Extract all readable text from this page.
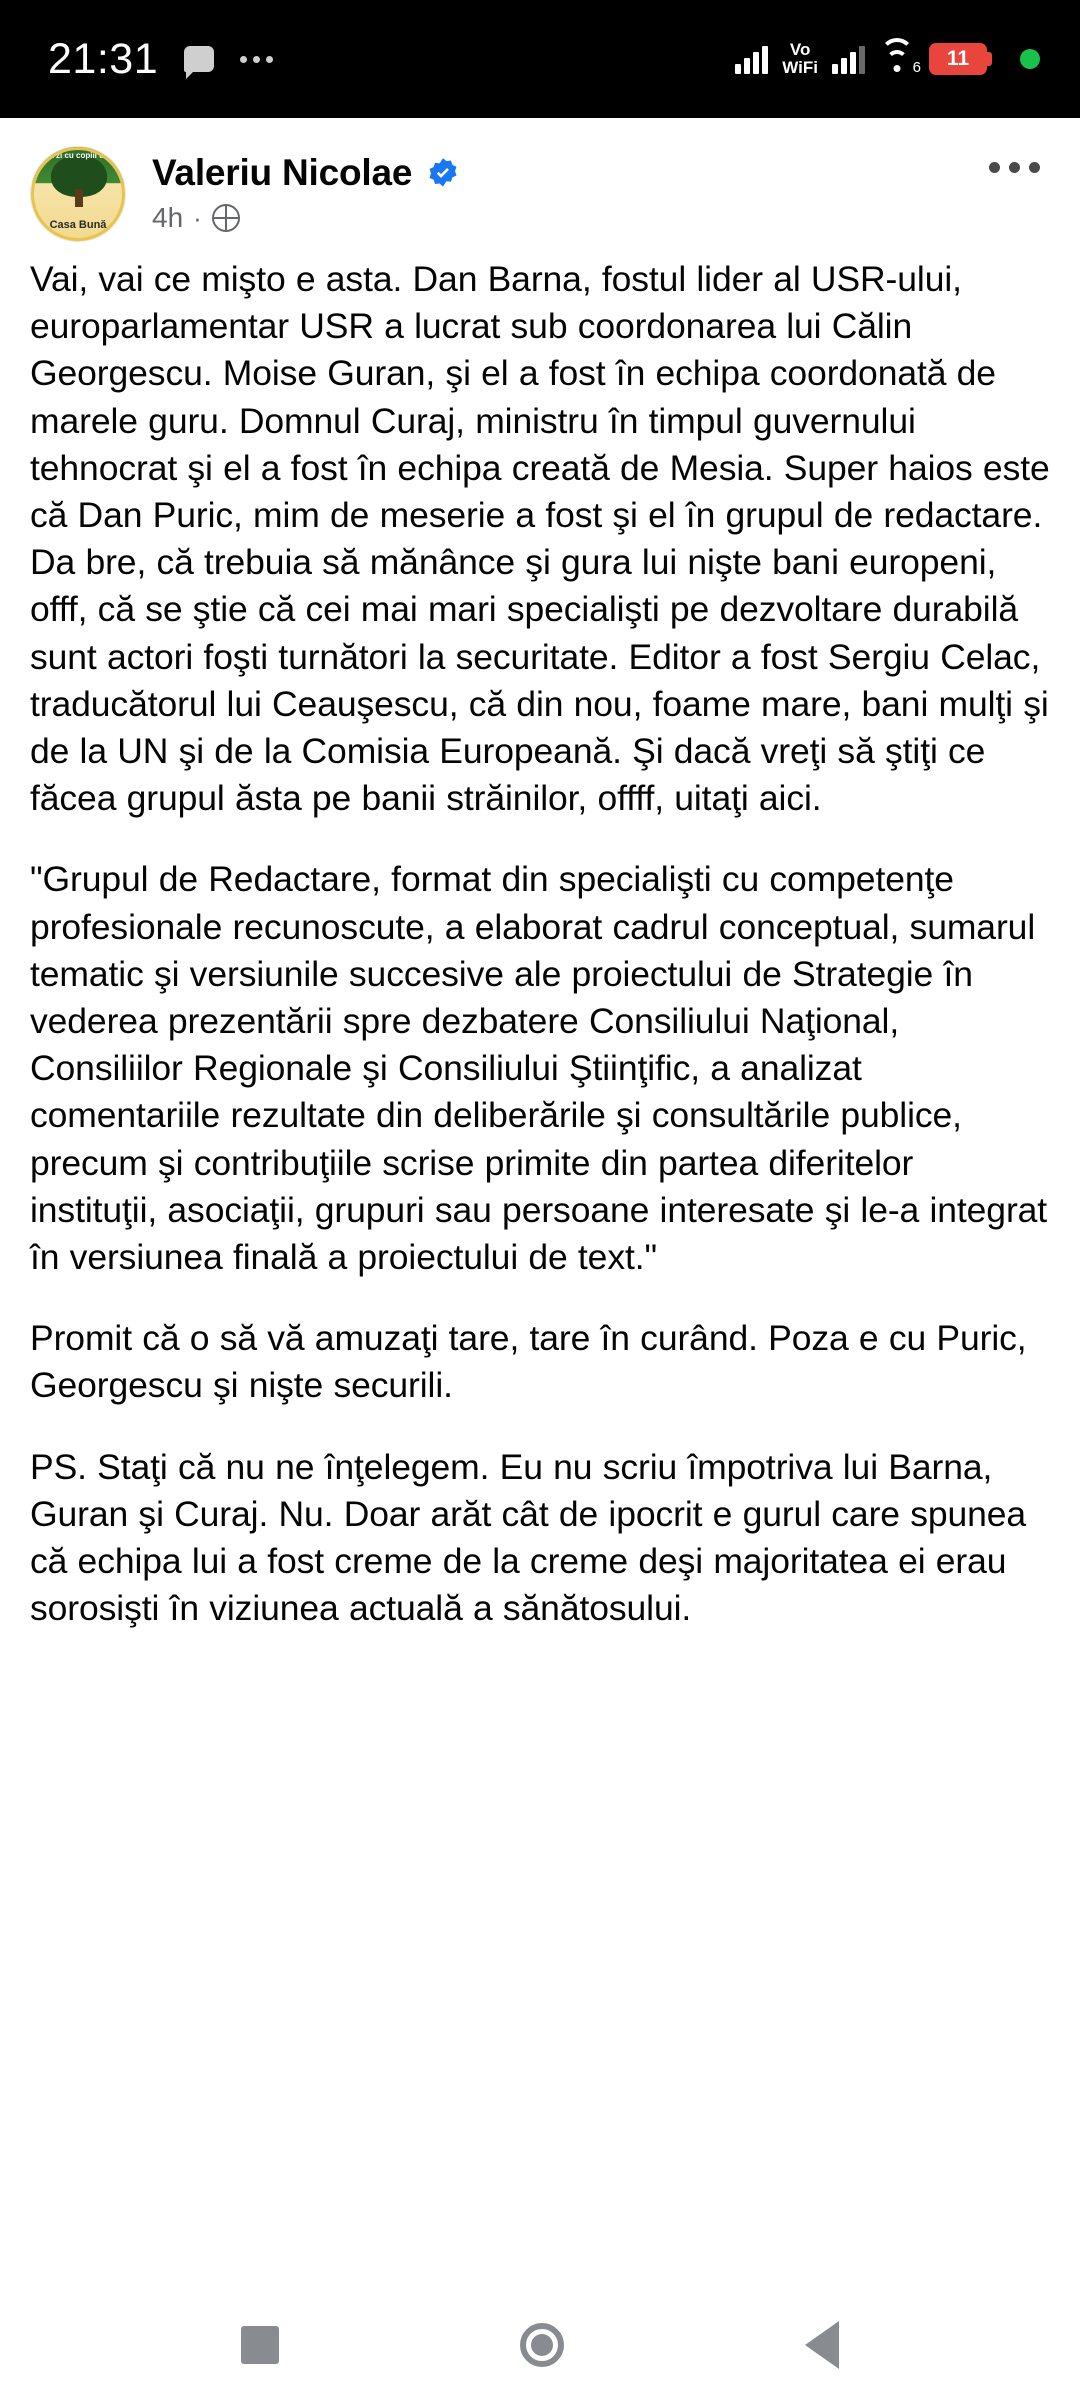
21:31	Vo
WiFi	6	11
Altă zi cu copiii de la
Casa Bună
Valeriu Nicolae
4h ·

Vai, vai ce mişto e asta. Dan Barna, fostul lider al USR-ului, europarlamentar USR a lucrat sub coordonarea lui Călin Georgescu. Moise Guran, şi el a fost în echipa coordonată de marele guru. Domnul Curaj, ministru în timpul guvernului tehnocrat şi el a fost în echipa creată de Mesia. Super haios este că Dan Puric, mim de meserie a fost şi el în grupul de redactare. Da bre, că trebuia să mănânce şi gura lui nişte bani europeni, offf, că se ştie că cei mai mari specialişti pe dezvoltare durabilă sunt actori foşti turnători la securitate. Editor a fost Sergiu Celac, traducătorul lui Ceauşescu, că din nou, foame mare, bani mulţi şi de la UN şi de la Comisia Europeană. Şi dacă vreţi să ştiţi ce făcea grupul ăsta pe banii străinilor, offff, uitaţi aici.

"Grupul de Redactare, format din specialişti cu competenţe profesionale recunoscute, a elaborat cadrul conceptual, sumarul tematic şi versiunile succesive ale proiectului de Strategie în vederea prezentării spre dezbatere Consiliului Naţional, Consiliilor Regionale şi Consiliului Ştiinţific, a analizat comentariile rezultate din deliberările şi consultările publice, precum şi contribuţiile scrise primite din partea diferitelor instituţii, asociaţii, grupuri sau persoane interesate şi le-a integrat în versiunea finală a proiectului de text."

Promit că o să vă amuzaţi tare, tare în curând. Poza e cu Puric, Georgescu şi nişte securili.

PS. Staţi că nu ne înţelegem. Eu nu scriu împotriva lui Barna, Guran şi Curaj. Nu. Doar arăt cât de ipocrit e gurul care spunea că echipa lui a fost creme de la creme deşi majoritatea ei erau sorosişti în viziunea actuală a sănătosului.
